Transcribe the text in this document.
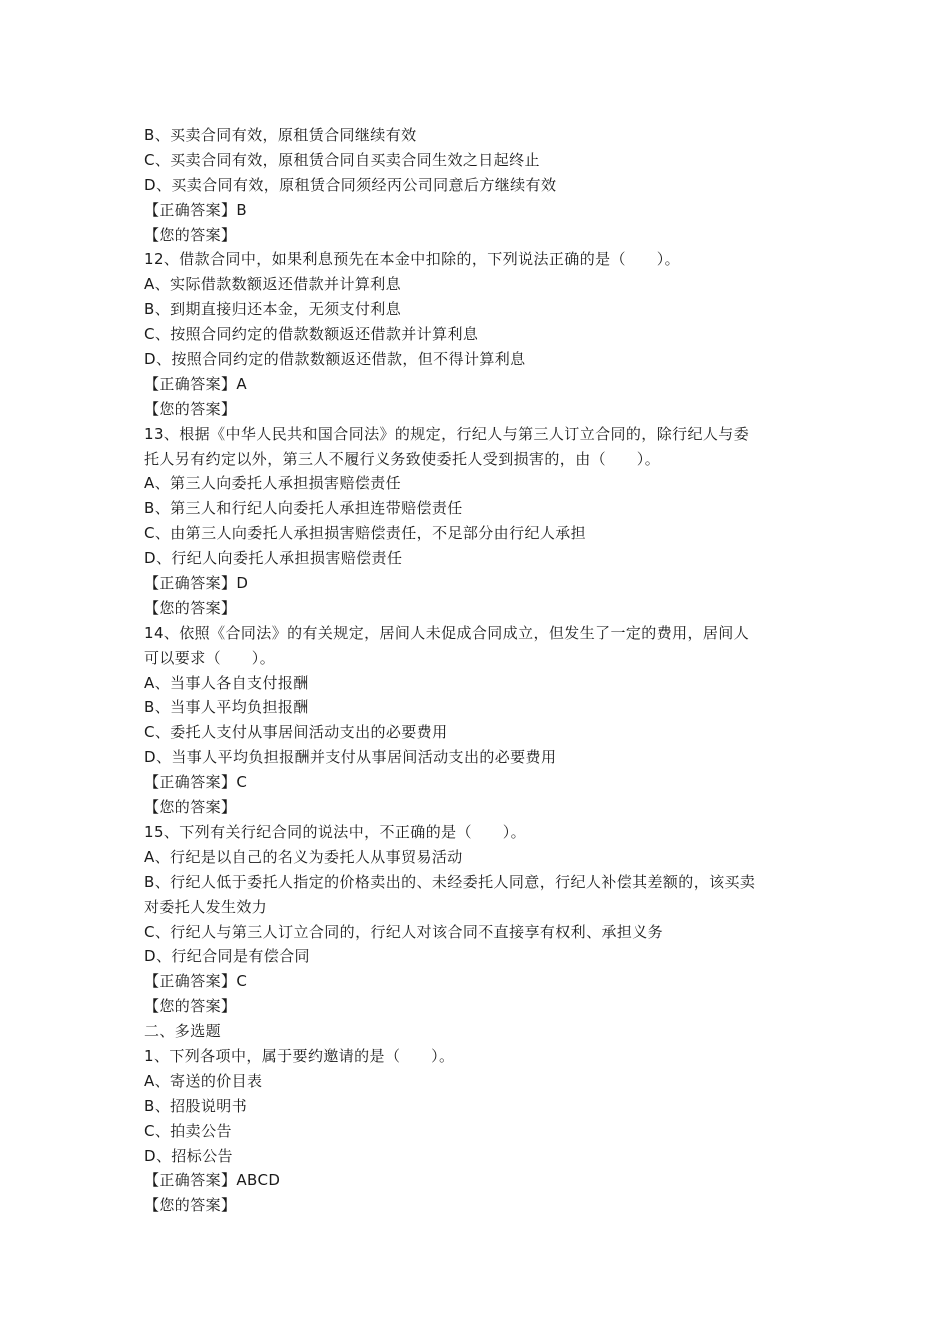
B、买卖合同有效，原租赁合同继续有效
C、买卖合同有效，原租赁合同自买卖合同生效之日起终止
D、买卖合同有效，原租赁合同须经丙公司同意后方继续有效
【正确答案】B
【您的答案】
12、借款合同中，如果利息预先在本金中扣除的，下列说法正确的是（　　）。
A、实际借款数额返还借款并计算利息
B、到期直接归还本金，无须支付利息
C、按照合同约定的借款数额返还借款并计算利息
D、按照合同约定的借款数额返还借款，但不得计算利息
【正确答案】A
【您的答案】
13、根据《中华人民共和国合同法》的规定，行纪人与第三人订立合同的，除行纪人与委
托人另有约定以外，第三人不履行义务致使委托人受到损害的，由（　　）。
A、第三人向委托人承担损害赔偿责任
B、第三人和行纪人向委托人承担连带赔偿责任
C、由第三人向委托人承担损害赔偿责任，不足部分由行纪人承担
D、行纪人向委托人承担损害赔偿责任
【正确答案】D
【您的答案】
14、依照《合同法》的有关规定，居间人未促成合同成立，但发生了一定的费用，居间人
可以要求（　　）。
A、当事人各自支付报酬
B、当事人平均负担报酬
C、委托人支付从事居间活动支出的必要费用
D、当事人平均负担报酬并支付从事居间活动支出的必要费用
【正确答案】C
【您的答案】
15、下列有关行纪合同的说法中，不正确的是（　　）。
A、行纪是以自己的名义为委托人从事贸易活动
B、行纪人低于委托人指定的价格卖出的、未经委托人同意，行纪人补偿其差额的，该买卖
对委托人发生效力
C、行纪人与第三人订立合同的，行纪人对该合同不直接享有权利、承担义务
D、行纪合同是有偿合同
【正确答案】C
【您的答案】
二、多选题
1、下列各项中，属于要约邀请的是（　　）。
A、寄送的价目表
B、招股说明书
C、拍卖公告
D、招标公告
【正确答案】ABCD
【您的答案】
